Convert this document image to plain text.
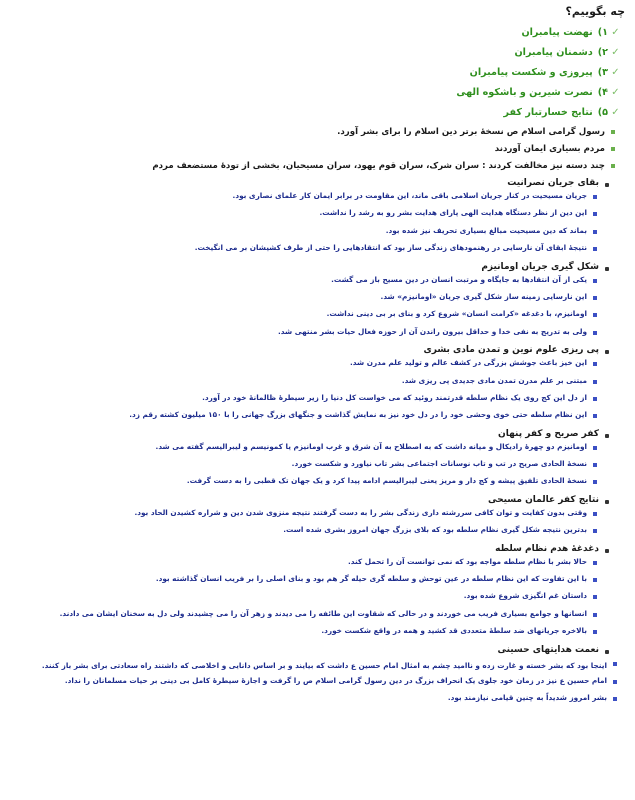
چه بگوییم؟
✓
۱)
نهضت پیامبران
✓
۲)
دشمنان پیامبران
✓
۳)
پیروزی و شکست پیامبران
✓
۴)
نصرت شیرین و باشکوه الهی
✓
۵)
نتایج خسارتبار کفر
رسول گرامی اسلام ص نسخهٔ برتر دین اسلام را برای بشر آورد.
مردم بسیاری ایمان آوردند
چند دسته نیز مخالفت کردند : سران شرک، سران قوم یهود، سران مسیحیان، بخشی از تودهٔ مستضعف مردم
بقای جریان نصرانیت
جریان مسیحیت در کنار جریان اسلامی باقی ماند، این مقاومت در برابر ایمان کار علمای نصاری بود.
این دین از نظر دستگاه هدایت الهی پارای هدایت بشر رو به رشد را نداشت.
بماند که دین مسیحیت مبالغ بسیاری تحریف نیز شده بود.
نتیجهٔ ابقای آن نارسایی در رهنمودهای زندگی ساز بود که انتقادهایی را حتی از طرف کشیشان بر می انگیخت.
شکل گیری جریان اومانیزم
یکی از آن انتقادها به جایگاه و مرتبت انسان در دین مسیح باز می گشت.
این نارسایی زمینه ساز شکل گیری جریان «اومانیزم» شد.
اومانیزم، با دغدغه «کرامت انسان» شروع کرد و بنای بر بی دینی نداشت.
ولی به تدریج به نفی خدا و حداقل بیرون راندن آن از حوزه فعال حیات بشر منتهی شد.
پی ریزی علوم نوین و تمدن مادی بشری
این خیز باعث جوشش بزرگی در کشف عالم و تولید علم مدرن شد.
مبتنی بر علم مدرن تمدن مادی جدیدی پی ریزی شد.
از دل این کج روی یک نظام سلطه قدرتمند روئید که می خواست کل دنیا را زیر سیطرهٔ ظالمانهٔ خود در آورد.
این نظام سلطه حتی خوی وحشی خود را در دل خود نیز به نمایش گذاشت و جنگهای بزرگ جهانی را با ۱۵۰ میلیون کشته رقم زد.
کفر صریح و کفر پنهان
اومانیزم دو چهرهٔ رادیکال و میانه داشت که به اصطلاح به آن شرق و غرب اومانیزم یا کمونیسم و لیبرالیسم گفته می شد.
نسخهٔ الحادی صریح در تب و تاب نوسانات اجتماعی بشر تاب نیاورد و شکست خورد.
نسخهٔ الحادی تلفیق پیشه و کج دار و مریز یعنی لیبرالیسم ادامه پیدا کرد و یک جهان تک قطبی را به دست گرفت.
نتایج کفر عالمان مسیحی
وقتی بدون کفایت و توان کافی سررشته داری زندگی بشر را به دست گرفتند نتیجه منزوی شدن دین و شراره کشیدن الحاد بود.
بدترین نتیجه شکل گیری نظام سلطه بود که بلای بزرگ جهان امروز بشری شده است.
دغدغهٔ هدم نظام سلطه
حالا بشر با نظام سلطه مواجه بود که نمی توانست آن را تحمل کند.
با این تفاوت که این نظام سلطه در عین توحش و سلطه گری حیله گر هم بود و بنای اصلی را بر فریب انسان گذاشته بود.
داستان غم انگیزی شروع شده بود.
انسانها و جوامع بسیاری فریب می خوردند و در حالی که شقاوت این طائفه را می دیدند و زهر آن را می چشیدند ولی دل به سخنان ایشان می دادند.
بالاخره جریانهای ضد سلطهٔ متعددی قد کشید و همه در واقع شکست خورد.
نعمت هدایتهای حسینی
اینجا بود که بشر خسته و غارت زده و ناامید چشم به امثال امام حسین ع داشت که بیایند و بر اساس دانایی و اخلاصی که داشتند راه سعادتی برای بشر باز کنند.
امام حسین ع نیز در زمان خود جلوی یک انحراف بزرگ در دین رسول گرامی اسلام ص را گرفت و اجازهٔ سیطرهٔ کامل بی دینی بر حیات مسلمانان را نداد.
بشر امروز شدیداً به چنین قیامی نیازمند بود.
